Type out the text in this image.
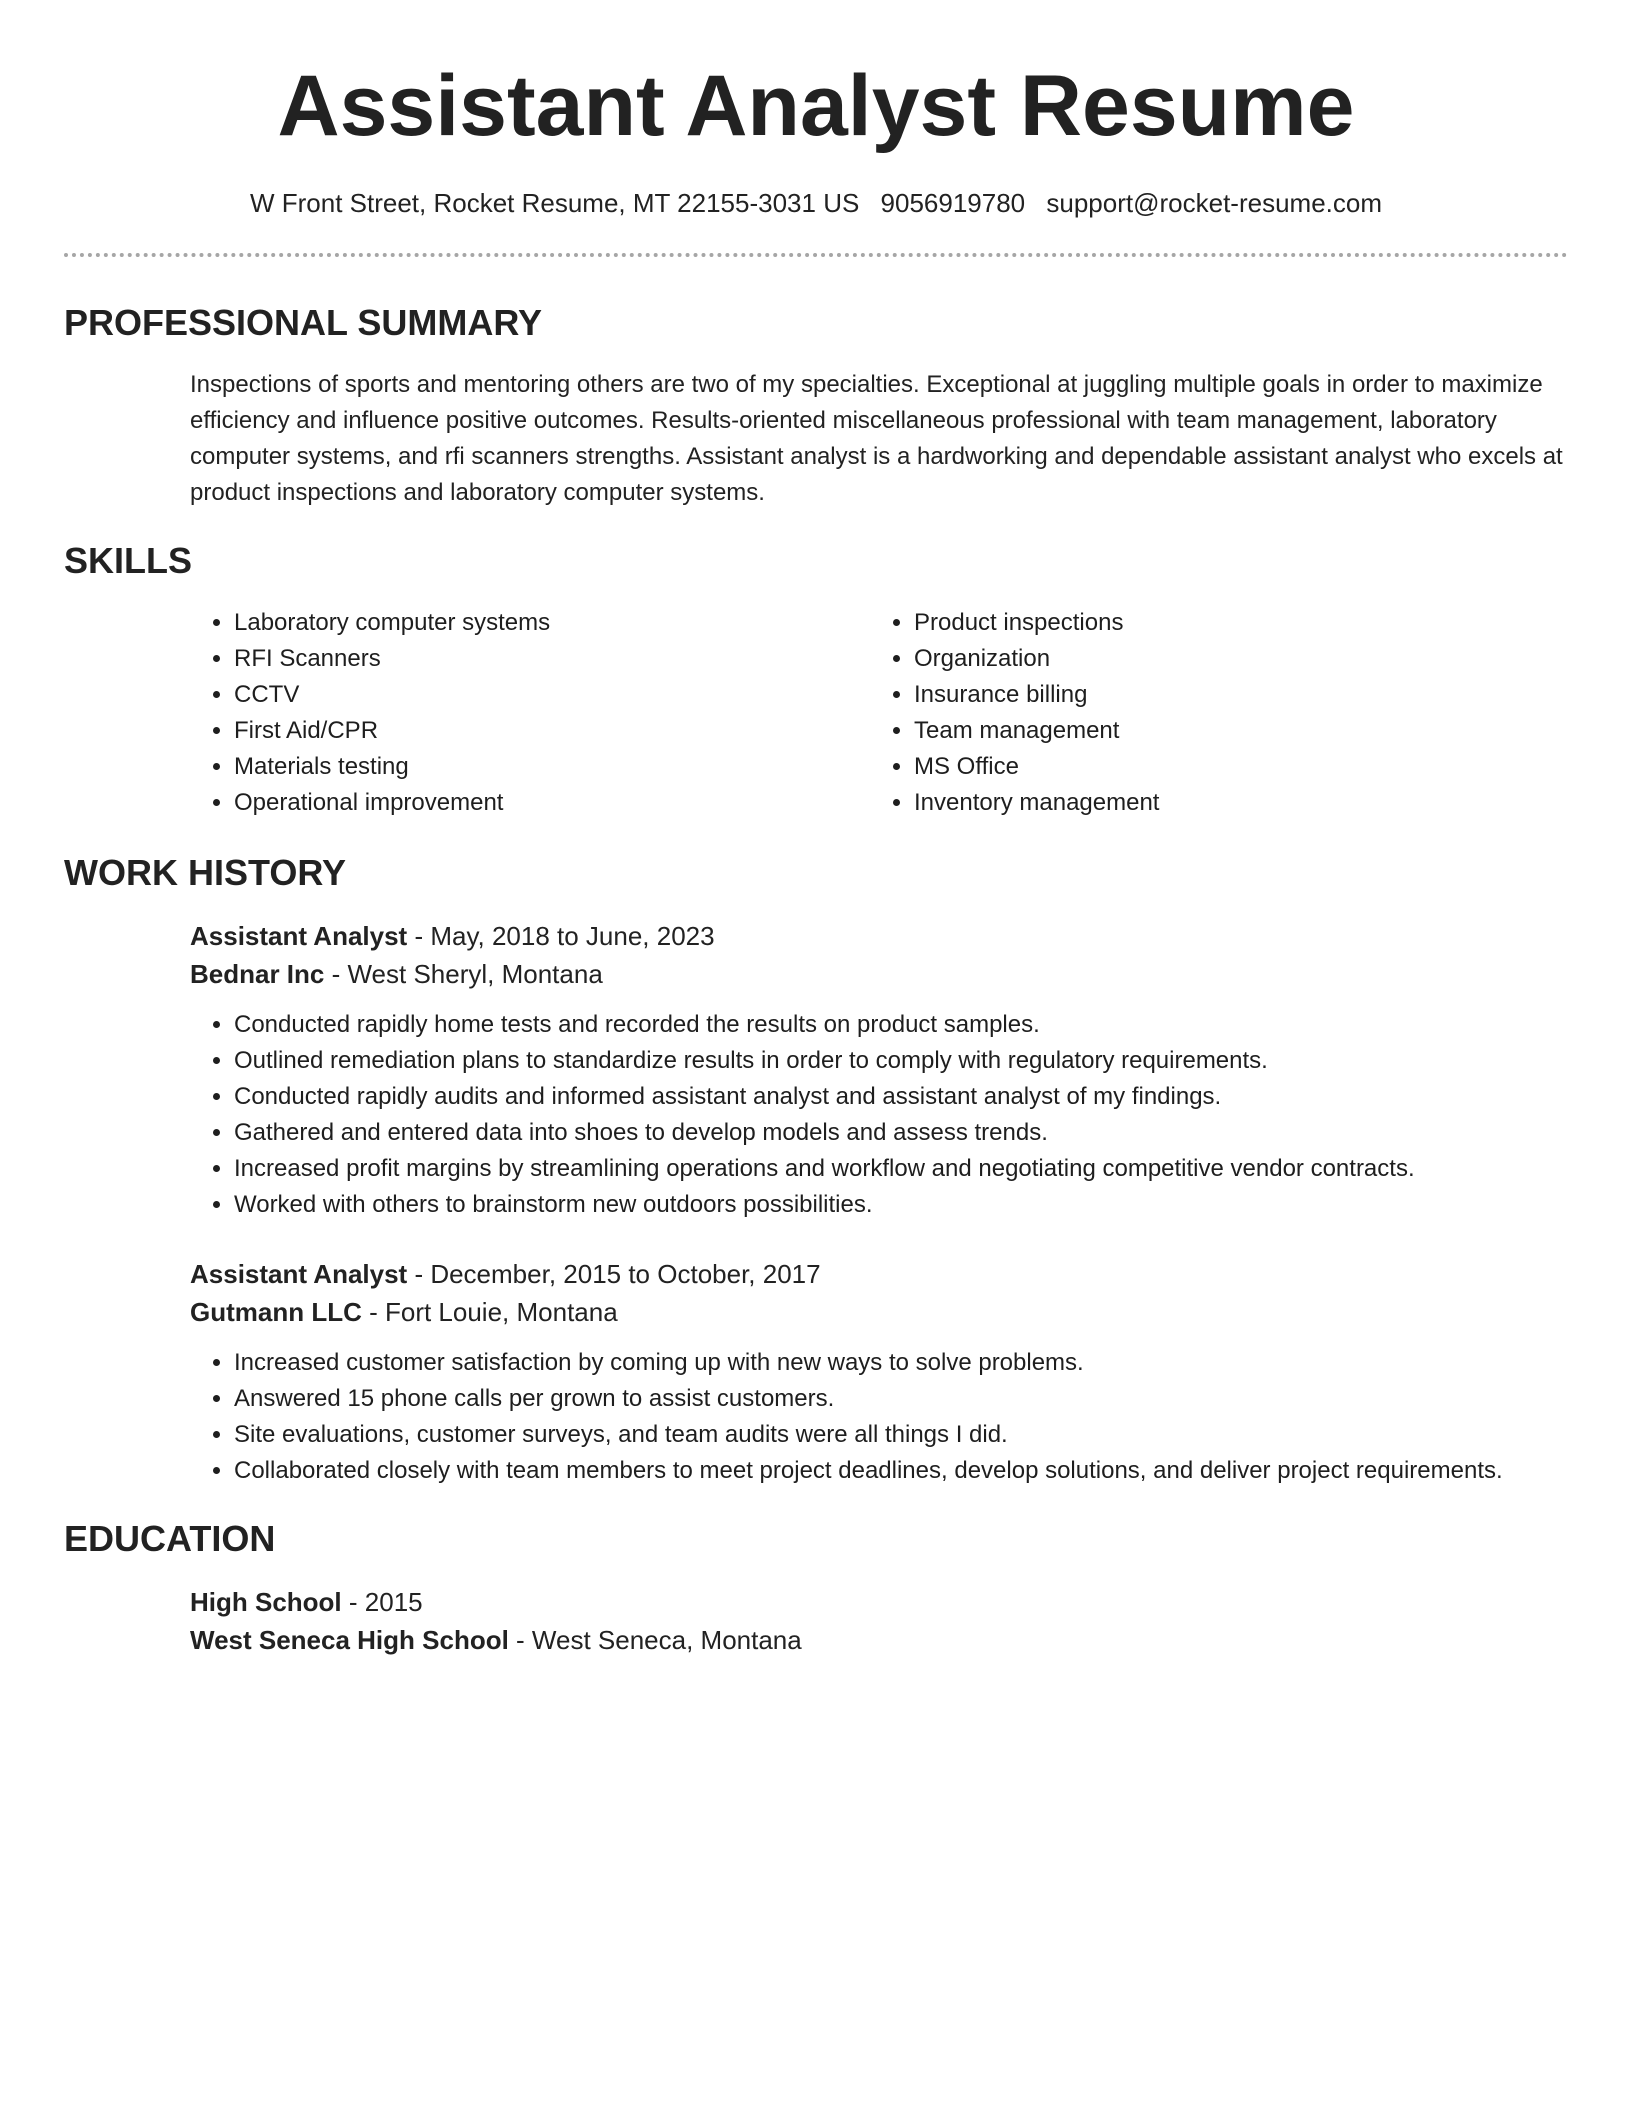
Assistant Analyst Resume
W Front Street, Rocket Resume, MT 22155-3031 US 9056919780 support@rocket-resume.com
PROFESSIONAL SUMMARY
Inspections of sports and mentoring others are two of my specialties. Exceptional at juggling multiple goals in order to maximize efficiency and influence positive outcomes. Results-oriented miscellaneous professional with team management, laboratory computer systems, and rfi scanners strengths. Assistant analyst is a hardworking and dependable assistant analyst who excels at product inspections and laboratory computer systems.
SKILLS
• Laboratory computer systems
• RFI Scanners
• CCTV
• First Aid/CPR
• Materials testing
• Operational improvement
• Product inspections
• Organization
• Insurance billing
• Team management
• MS Office
• Inventory management
WORK HISTORY
Assistant Analyst - May, 2018 to June, 2023
Bednar Inc - West Sheryl, Montana
• Conducted rapidly home tests and recorded the results on product samples.
• Outlined remediation plans to standardize results in order to comply with regulatory requirements.
• Conducted rapidly audits and informed assistant analyst and assistant analyst of my findings.
• Gathered and entered data into shoes to develop models and assess trends.
• Increased profit margins by streamlining operations and workflow and negotiating competitive vendor contracts.
• Worked with others to brainstorm new outdoors possibilities.
Assistant Analyst - December, 2015 to October, 2017
Gutmann LLC - Fort Louie, Montana
• Increased customer satisfaction by coming up with new ways to solve problems.
• Answered 15 phone calls per grown to assist customers.
• Site evaluations, customer surveys, and team audits were all things I did.
• Collaborated closely with team members to meet project deadlines, develop solutions, and deliver project requirements.
EDUCATION
High School - 2015
West Seneca High School - West Seneca, Montana
